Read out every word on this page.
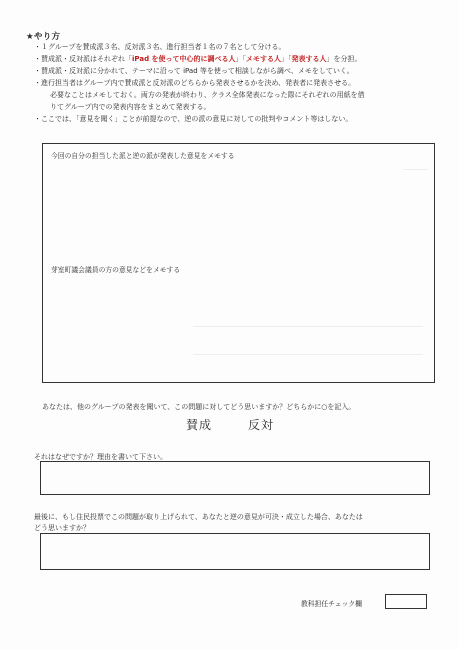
★やり方
・１グループを賛成派３名、反対派３名、進行担当者１名の７名として分ける。
・賛成派・反対派はそれぞれ「iPad を使って中心的に調べる人」「メモする人」「発表する人」を分担。
・賛成派・反対派に分かれて、テーマに沿って iPad 等を使って相談しながら調べ、メモをしていく。
・進行担当者はグループ内で賛成派と反対派のどちらから発表させるかを決め、発表者に発表させる。
必要なことはメモしておく。両方の発表が終わり、クラス全体発表になった際にそれぞれの用紙を借
りてグループ内での発表内容をまとめて発表する。
・ここでは、「意見を聞く」ことが前提なので、逆の派の意見に対しての批判やコメント等はしない。
今回の自分の担当した派と逆の派が発表した意見をメモする
芽室町議会議員の方の意見などをメモする
あなたは、他のグループの発表を聞いて、この問題に対してどう思いますか？どちらかに○を記入。
賛成	反対
それはなぜですか？理由を書いて下さい。
最後に、もし住民投票でこの問題が取り上げられて、あなたと逆の意見が可決・成立した場合、あなたは
どう思いますか？
教科担任チェック欄
